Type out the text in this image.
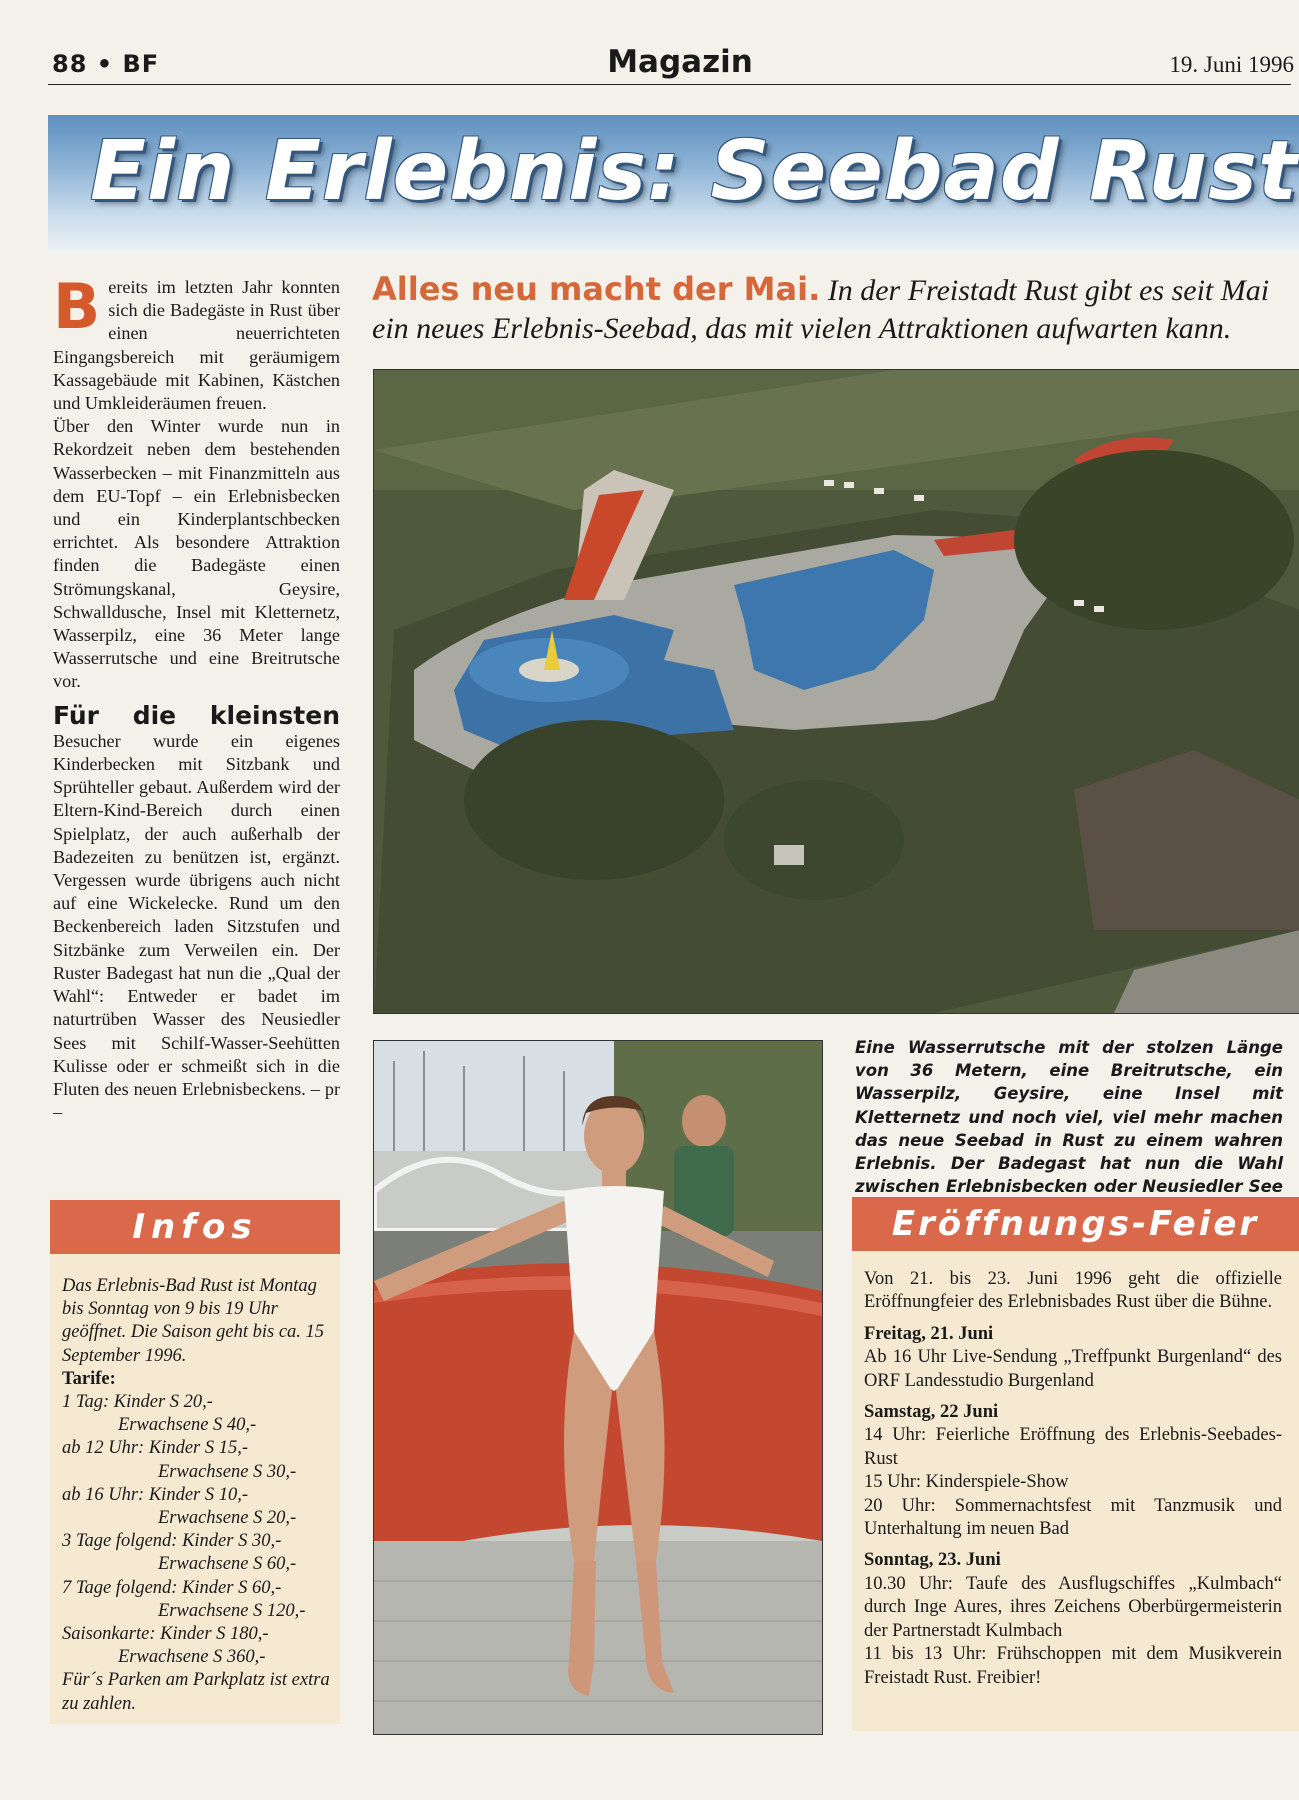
88 • BF	Magazin	19. Juni 1996
Ein Erlebnis: Seebad Rust
Alles neu macht der Mai. In der Freistadt Rust gibt es seit Mai ein neues Erlebnis-Seebad, das mit vielen Attraktionen aufwarten kann.
B ereits im letzten Jahr konnten sich die Badegäste in Rust über einen neuerrichteten Eingangsbereich mit geräumigem Kassagebäude mit Kabinen, Kästchen und Umkleideräumen freuen.

Über den Winter wurde nun in Rekordzeit neben dem bestehenden Wasserbecken – mit Finanzmitteln aus dem EU-Topf – ein Erlebnisbecken und ein Kinderplantschbecken errichtet. Als besondere Attraktion finden die Badegäste einen Strömungskanal, Geysire, Schwalldusche, Insel mit Kletternetz, Wasserpilz, eine 36 Meter lange Wasserrutsche und eine Breitrutsche vor.

Für die kleinsten Besucher wurde ein eigenes Kinderbecken mit Sitzbank und Sprühteller gebaut. Außerdem wird der Eltern-Kind-Bereich durch einen Spielplatz, der auch außerhalb der Badezeiten zu benützen ist, ergänzt. Vergessen wurde übrigens auch nicht auf eine Wickelecke. Rund um den Beckenbereich laden Sitzstufen und Sitzbänke zum Verweilen ein. Der Ruster Badegast hat nun die „Qual der Wahl“: Entweder er badet im naturtrüben Wasser des Neusiedler Sees mit Schilf-Wasser-Seehütten Kulisse oder er schmeißt sich in die Fluten des neuen Erlebnisbeckens. – pr –

Eine Wasserrutsche mit der stolzen Länge von 36 Metern, eine Breitrutsche, ein Wasserpilz, Geysire, eine Insel mit Kletternetz und noch viel, viel mehr machen das neue Seebad in Rust zu einem wahren Erlebnis. Der Badegast hat nun die Wahl zwischen Erlebnisbecken oder Neusiedler See
Infos

Das Erlebnis-Bad Rust ist Montag bis Sonntag von 9 bis 19 Uhr geöffnet. Die Saison geht bis ca. 15 September 1996.

Tarife:

1 Tag: Kinder S 20,-

Erwachsene S 40,-

ab 12 Uhr: Kinder S 15,-

Erwachsene S 30,-

ab 16 Uhr: Kinder S 10,-

Erwachsene S 20,-

3 Tage folgend: Kinder S 30,-

Erwachsene S 60,-

7 Tage folgend: Kinder S 60,-

Erwachsene S 120,-

Saisonkarte: Kinder S 180,-

Erwachsene S 360,-

Für´s Parken am Parkplatz ist extra zu zahlen.

Eröffnungs-Feier

Von 21. bis 23. Juni 1996 geht die offizielle Eröffnungfeier des Erlebnisbades Rust über die Bühne.

Freitag, 21. Juni
Ab 16 Uhr Live-Sendung „Treffpunkt Burgenland“ des ORF Landesstudio Burgenland

Samstag, 22 Juni
14 Uhr: Feierliche Eröffnung des Erlebnis-Seebades-Rust
15 Uhr: Kinderspiele-Show
20 Uhr: Sommernachtsfest mit Tanzmusik und Unterhaltung im neuen Bad

Sonntag, 23. Juni
10.30 Uhr: Taufe des Ausflugschiffes „Kulmbach“ durch Inge Aures, ihres Zeichens Oberbürgermeisterin der Partnerstadt Kulmbach
11 bis 13 Uhr: Frühschoppen mit dem Musikverein Freistadt Rust. Freibier!
